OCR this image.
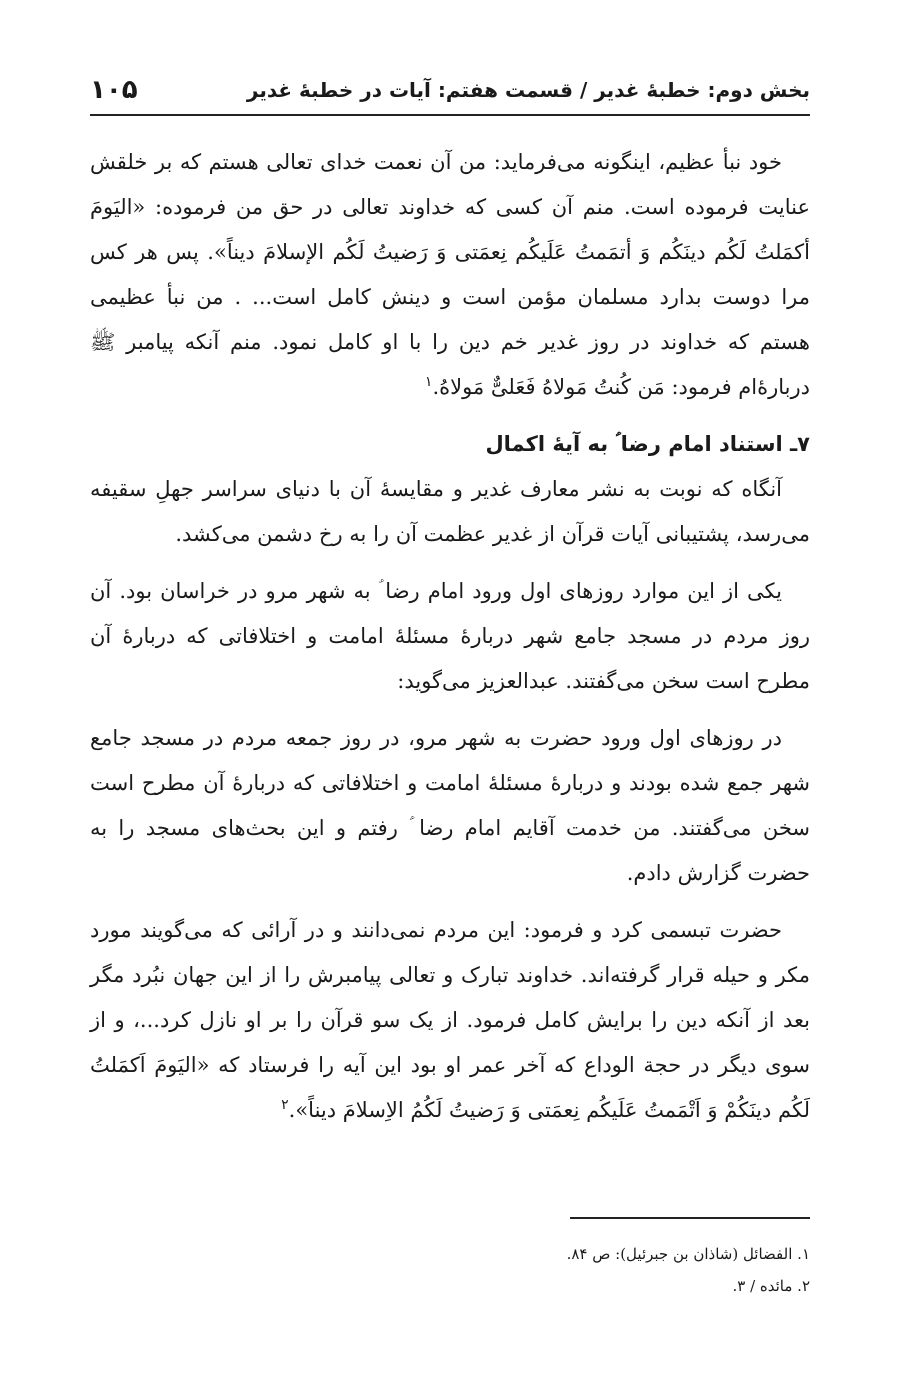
بخش دوم: خطبهٔ غدیر / قسمت هفتم: آیات در خطبهٔ غدیر
۱۰۵

خود نبأ عظیم، اینگونه می‌فرماید: من آن نعمت خدای تعالی هستم که بر خلقش عنایت فرموده است. منم آن کسی که خداوند تعالی در حق من فرموده: «الیَومَ أکمَلتُ لَکُم دینَکُم وَ أتمَمتُ عَلَیکُم نِعمَتی وَ رَضیتُ لَکُم الإسلامَ دیناً». پس هر کس مرا دوست بدارد مسلمان مؤمن است و دینش کامل است... . من نبأ عظیمی هستم که خداوند در روز غدیر خم دین را با او کامل نمود. منم آنکه پیامبر ﷺ دربارهٔ‌ام فرمود: مَن کُنتُ مَولاهُ فَعَلیٌّ مَولاهُ.$^۱$

۷ـ استناد امام رضا ؑ به آیهٔ اکمال

آنگاه که نوبت به نشر معارف غدیر و مقایسهٔ آن با دنیای سراسر جهلِ سقیفه می‌رسد، پشتیبانی آیات قرآن از غدیر عظمت آن را به رخ دشمن می‌کشد.

یکی از این موارد روزهای اول ورود امام رضا ؑ به شهر مرو در خراسان بود. آن روز مردم در مسجد جامع شهر دربارهٔ مسئلهٔ امامت و اختلافاتی که دربارهٔ آن مطرح است سخن می‌گفتند. عبدالعزیز می‌گوید:

در روزهای اول ورود حضرت به شهر مرو، در روز جمعه مردم در مسجد جامع شهر جمع شده بودند و دربارهٔ مسئلهٔ امامت و اختلافاتی که دربارهٔ آن مطرح است سخن می‌گفتند. من خدمت آقایم امام رضا ؑ رفتم و این بحث‌های مسجد را به حضرت گزارش دادم.

حضرت تبسمی کرد و فرمود: این مردم نمی‌دانند و در آرائی که می‌گویند مورد مکر و حیله قرار گرفته‌اند. خداوند تبارک و تعالی پیامبرش را از این جهان نبُرد مگر بعد از آنکه دین را برایش کامل فرمود. از یک سو قرآن را بر او نازل کرد...، و از سوی دیگر در حجة الوداع که آخر عمر او بود این آیه را فرستاد که «الیَومَ اَکمَلتُ لَکُم دینَکُمْ وَ اَتْمَمتُ عَلَیکُم نِعمَتی وَ رَضیتُ لَکُمُ الاِسلامَ دیناً».$^۲$

۱. الفضائل (شاذان بن جبرئیل): ص ۸۴.
۲. مائده / ۳.
